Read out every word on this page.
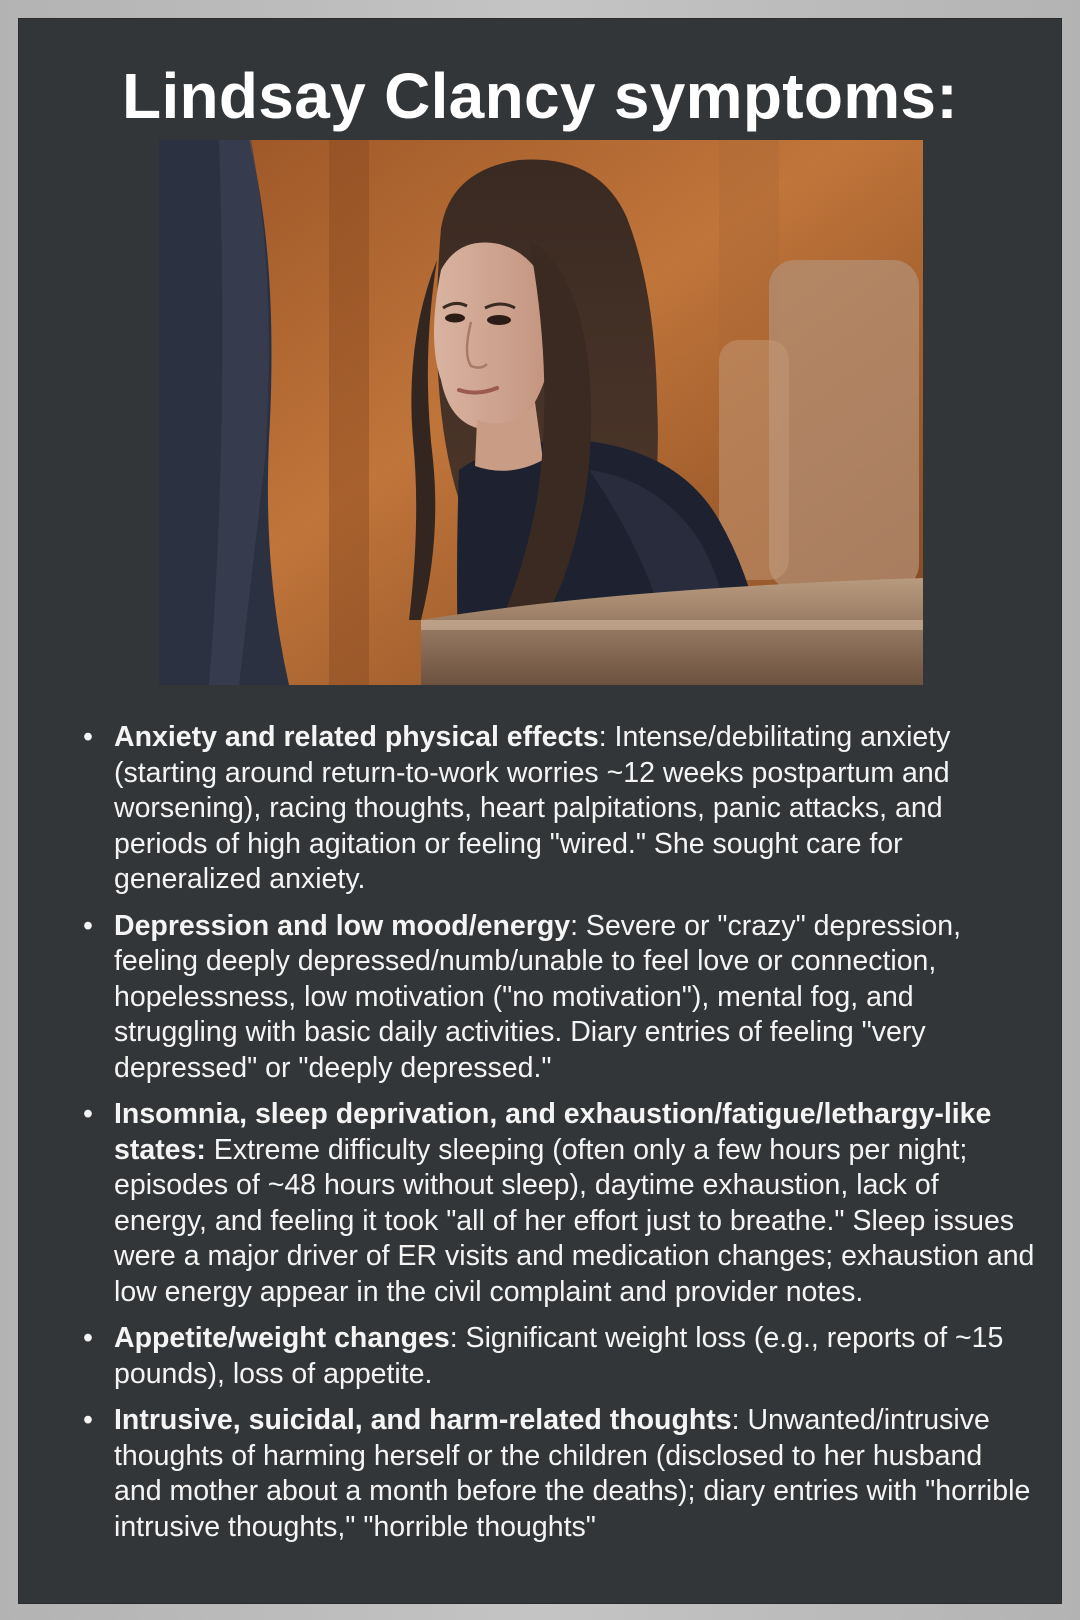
Lindsay Clancy symptoms:
• Anxiety and related physical effects: Intense/debilitating anxiety (starting around return-to-work worries ~12 weeks postpartum and worsening), racing thoughts, heart palpitations, panic attacks, and periods of high agitation or feeling "wired." She sought care for generalized anxiety.
• Depression and low mood/energy: Severe or "crazy" depression, feeling deeply depressed/numb/unable to feel love or connection, hopelessness, low motivation ("no motivation"), mental fog, and struggling with basic daily activities. Diary entries of feeling "very depressed" or "deeply depressed."
• Insomnia, sleep deprivation, and exhaustion/fatigue/lethargy-like states: Extreme difficulty sleeping (often only a few hours per night; episodes of ~48 hours without sleep), daytime exhaustion, lack of energy, and feeling it took "all of her effort just to breathe." Sleep issues were a major driver of ER visits and medication changes; exhaustion and low energy appear in the civil complaint and provider notes.
• Appetite/weight changes: Significant weight loss (e.g., reports of ~15 pounds), loss of appetite.
• Intrusive, suicidal, and harm-related thoughts: Unwanted/intrusive thoughts of harming herself or the children (disclosed to her husband and mother about a month before the deaths); diary entries with "horrible intrusive thoughts," "horrible thoughts"
